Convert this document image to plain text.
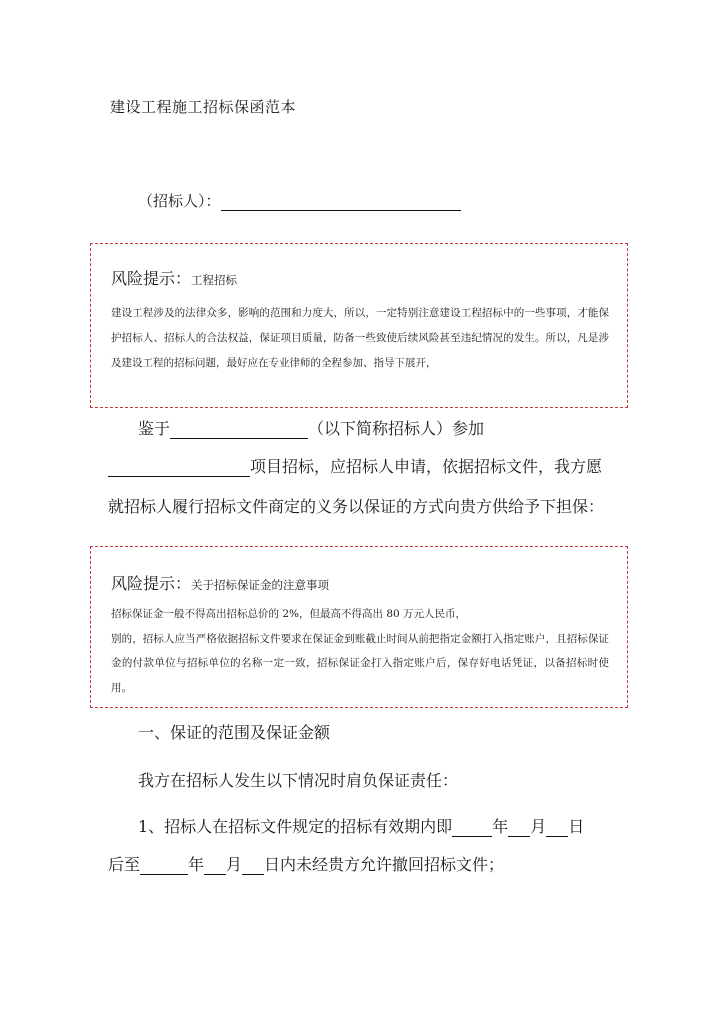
建设工程施工招标保函范本
（招标人）：
风险提示：工程招标
建设工程涉及的法律众多，影响的范围和力度大，所以，一定特别注意建设工程招标中的一些事项，才能保护招标人、招标人的合法权益，保证项目质量，防备一些致使后续风险甚至违纪情况的发生。所以，凡是涉及建设工程的招标问题，最好应在专业律师的全程参加、指导下展开，
鉴于	（以下简称招标人）参加
项目招标，应招标人申请，依据招标文件，我方愿
就招标人履行招标文件商定的义务以保证的方式向贵方供给予下担保：
风险提示：关于招标保证金的注意事项
招标保证金一般不得高出招标总价的 2%，但最高不得高出 80 万元人民币，
别的，招标人应当严格依据招标文件要求在保证金到账截止时间从前把指定金额打入指定账户，且招标保证金的付款单位与招标单位的名称一定一致，招标保证金打入指定账户后，保存好电话凭证，以备招标时使用。
一、保证的范围及保证金额
我方在招标人发生以下情况时肩负保证责任：
1、招标人在招标文件规定的招标有效期内即	年 月 日
后至	年 月 日内未经贵方允许撤回招标文件；
